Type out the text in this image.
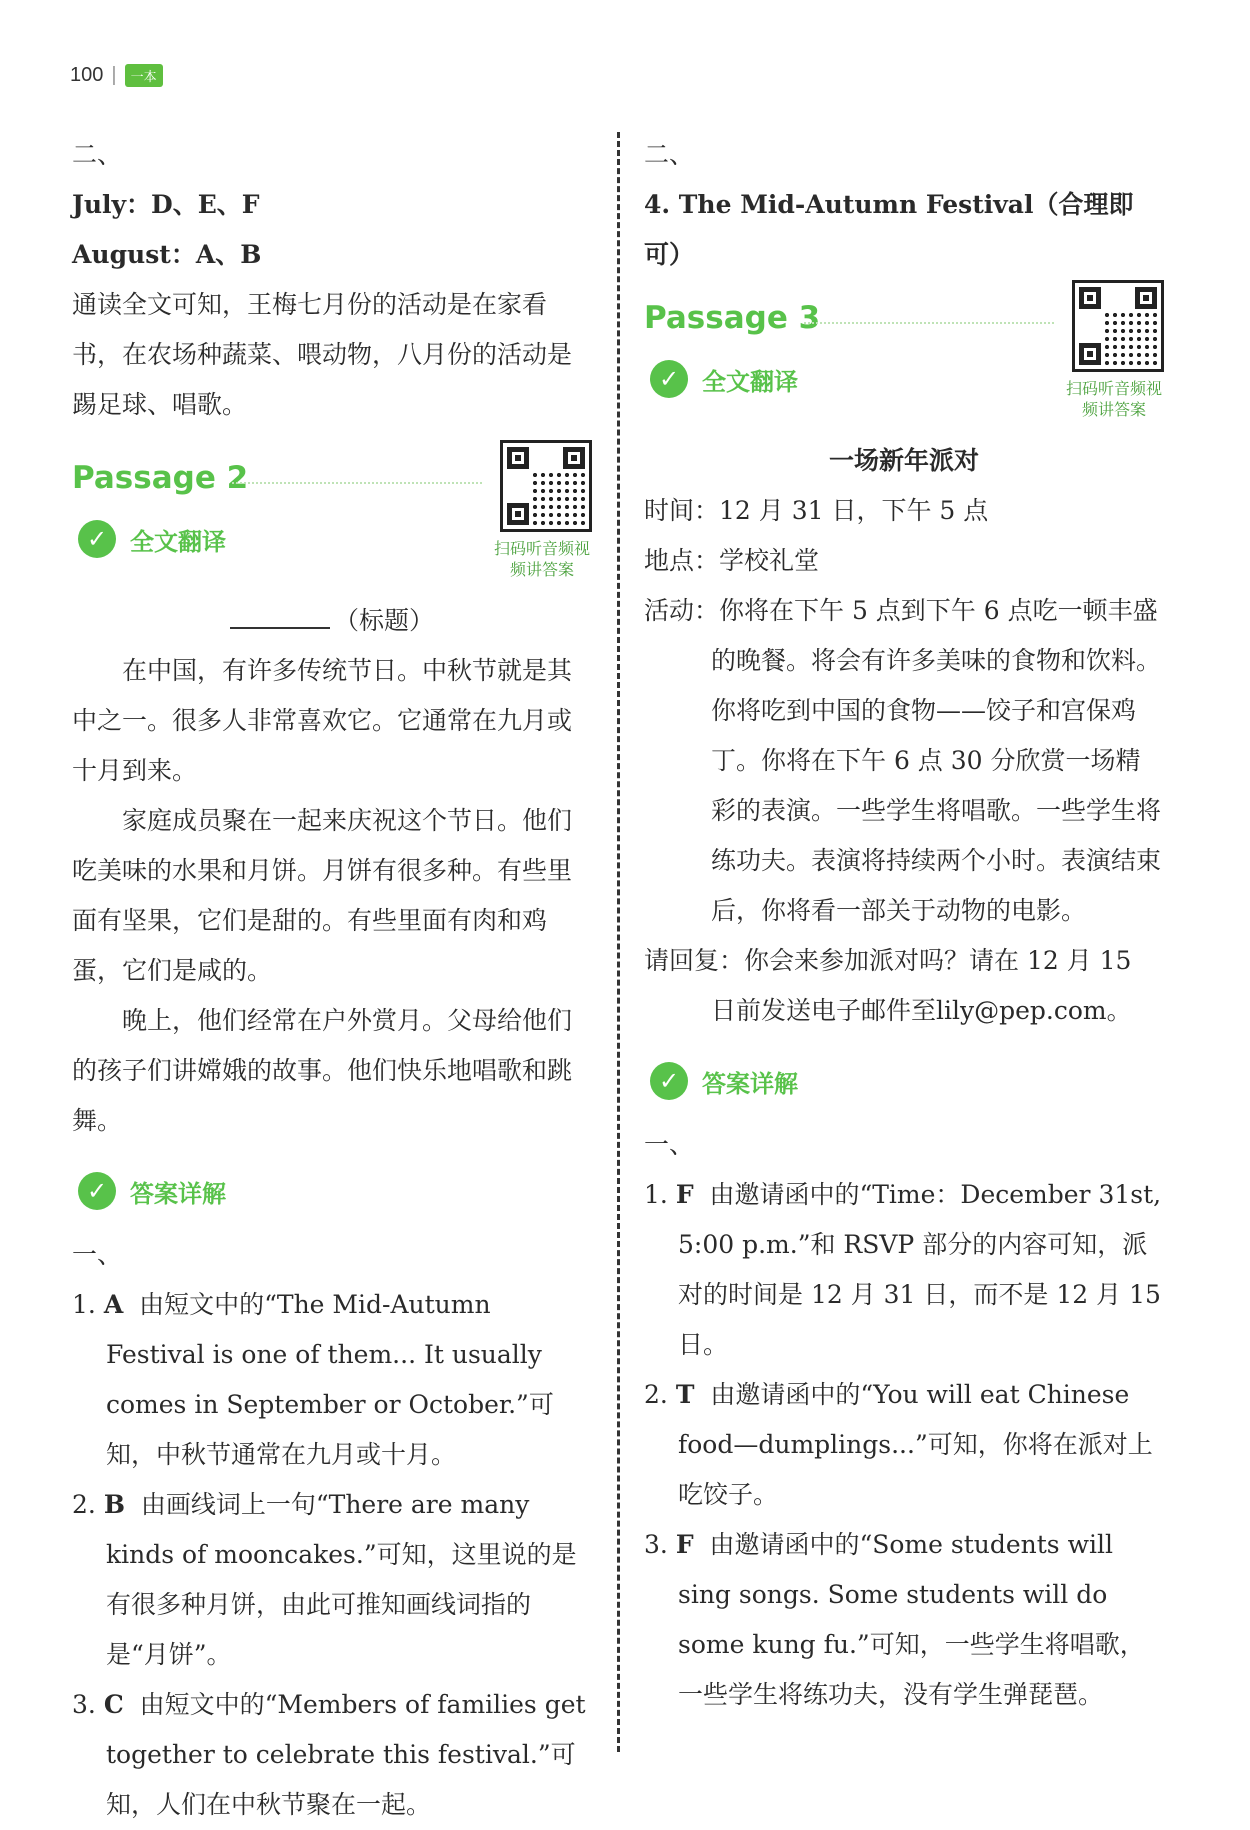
100 |	一本

二、

July：D、E、F

August：A、B

通读全文可知，王梅七月份的活动是在家看书，在农场种蔬菜、喂动物，八月份的活动是踢足球、唱歌。

Passage 2
扫码听音频视频讲答案
✓ 全文翻译

（标题）

在中国，有许多传统节日。中秋节就是其中之一。很多人非常喜欢它。它通常在九月或十月到来。

家庭成员聚在一起来庆祝这个节日。他们吃美味的水果和月饼。月饼有很多种。有些里面有坚果，它们是甜的。有些里面有肉和鸡蛋，它们是咸的。

晚上，他们经常在户外赏月。父母给他们的孩子们讲嫦娥的故事。他们快乐地唱歌和跳舞。

✓ 答案详解

一、

1. A 由短文中的“The Mid-Autumn Festival is one of them... It usually comes in September or October.”可知，中秋节通常在九月或十月。

2. B 由画线词上一句“There are many kinds of mooncakes.”可知，这里说的是有很多种月饼，由此可推知画线词指的是“月饼”。

3. C 由短文中的“Members of families get together to celebrate this festival.”可知，人们在中秋节聚在一起。

二、

4. The Mid-Autumn Festival（合理即可）

Passage 3
扫码听音频视频讲答案
✓ 全文翻译

一场新年派对

时间：12 月 31 日，下午 5 点

地点：学校礼堂

活动：你将在下午 5 点到下午 6 点吃一顿丰盛的晚餐。将会有许多美味的食物和饮料。你将吃到中国的食物——饺子和宫保鸡丁。你将在下午 6 点 30 分欣赏一场精彩的表演。一些学生将唱歌。一些学生将练功夫。表演将持续两个小时。表演结束后，你将看一部关于动物的电影。

请回复：你会来参加派对吗？请在 12 月 15 日前发送电子邮件至lily@pep.com。

✓ 答案详解

一、

1. F 由邀请函中的“Time：December 31st, 5:00 p.m.”和 RSVP 部分的内容可知，派对的时间是 12 月 31 日，而不是 12 月 15 日。

2. T 由邀请函中的“You will eat Chinese food—dumplings...”可知，你将在派对上吃饺子。

3. F 由邀请函中的“Some students will sing songs. Some students will do some kung fu.”可知，一些学生将唱歌，一些学生将练功夫，没有学生弹琵琶。
